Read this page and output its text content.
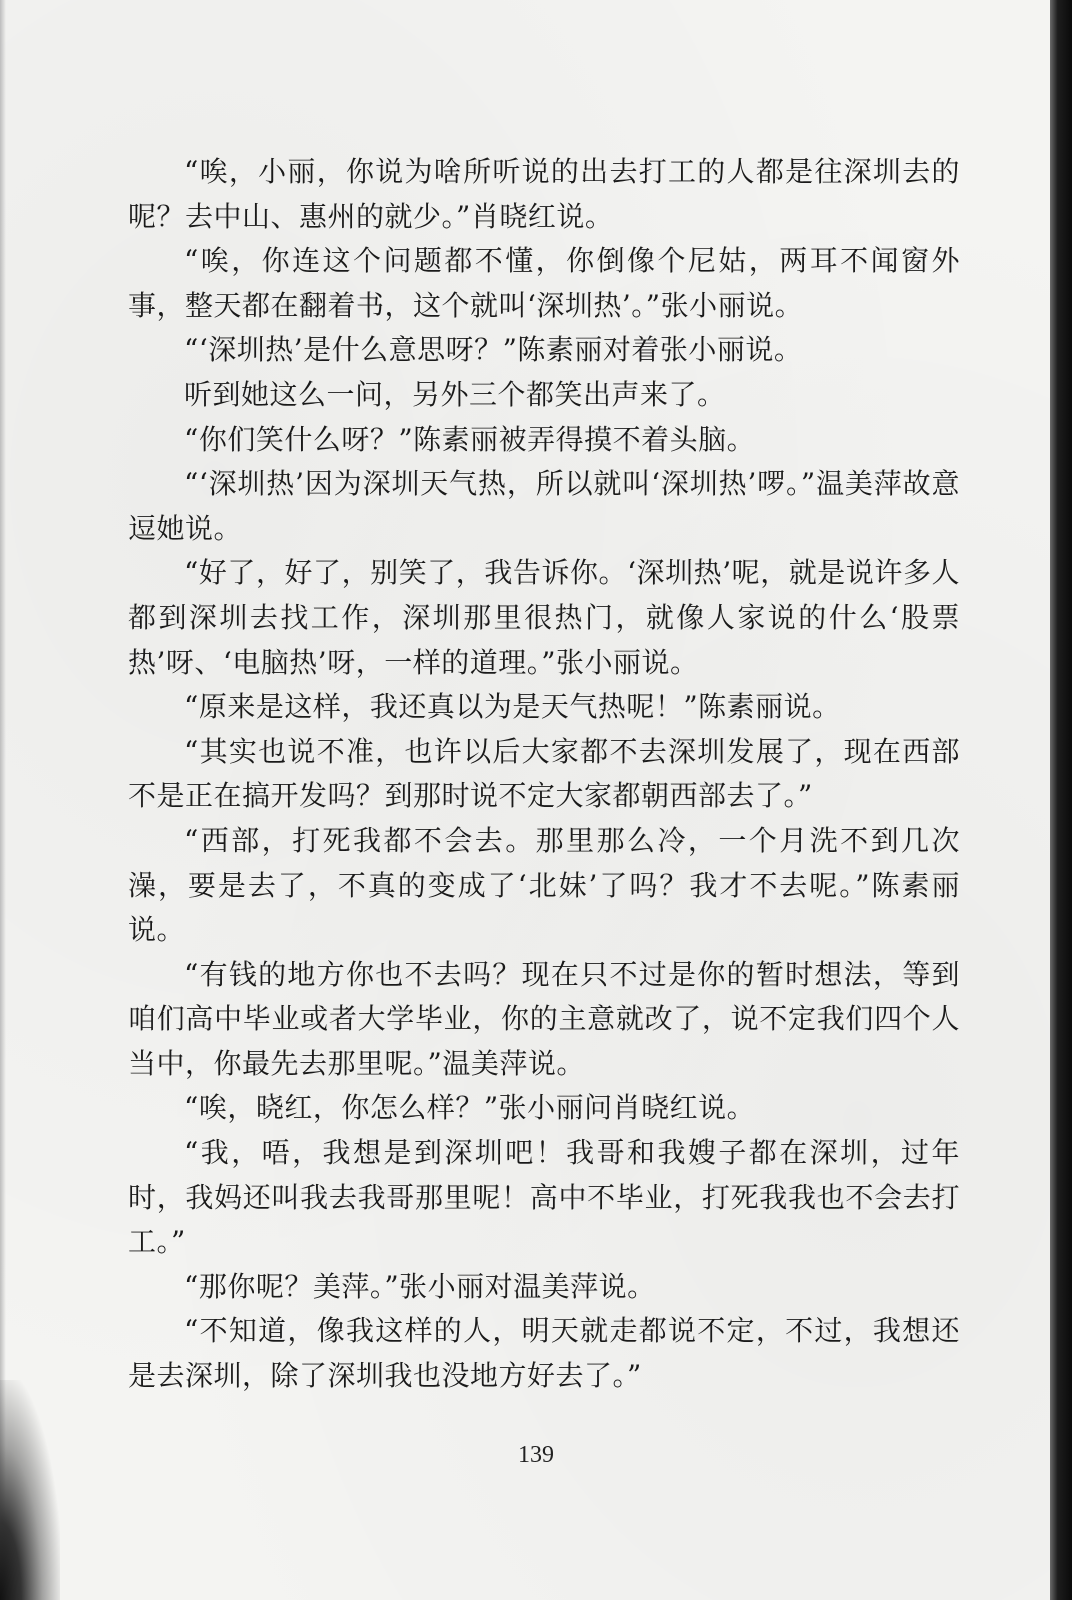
“唉，小丽，你说为啥所听说的出去打工的人都是往深圳去的呢？去中山、惠州的就少。”肖晓红说。

“唉，你连这个问题都不懂，你倒像个尼姑，两耳不闻窗外事，整天都在翻着书，这个就叫‘深圳热’。”张小丽说。

“‘深圳热’是什么意思呀？”陈素丽对着张小丽说。

听到她这么一问，另外三个都笑出声来了。

“你们笑什么呀？”陈素丽被弄得摸不着头脑。

“‘深圳热’因为深圳天气热，所以就叫‘深圳热’啰。”温美萍故意逗她说。

“好了，好了，别笑了，我告诉你。‘深圳热’呢，就是说许多人都到深圳去找工作，深圳那里很热门，就像人家说的什么‘股票热’呀、‘电脑热’呀，一样的道理。”张小丽说。

“原来是这样，我还真以为是天气热呢！”陈素丽说。

“其实也说不准，也许以后大家都不去深圳发展了，现在西部不是正在搞开发吗？到那时说不定大家都朝西部去了。”

“西部，打死我都不会去。那里那么冷，一个月洗不到几次澡，要是去了，不真的变成了‘北妹’了吗？我才不去呢。”陈素丽说。

“有钱的地方你也不去吗？现在只不过是你的暂时想法，等到咱们高中毕业或者大学毕业，你的主意就改了，说不定我们四个人当中，你最先去那里呢。”温美萍说。

“唉，晓红，你怎么样？”张小丽问肖晓红说。

“我，唔，我想是到深圳吧！我哥和我嫂子都在深圳，过年时，我妈还叫我去我哥那里呢！高中不毕业，打死我我也不会去打工。”

“那你呢？美萍。”张小丽对温美萍说。

“不知道，像我这样的人，明天就走都说不定，不过，我想还是去深圳，除了深圳我也没地方好去了。”

139
